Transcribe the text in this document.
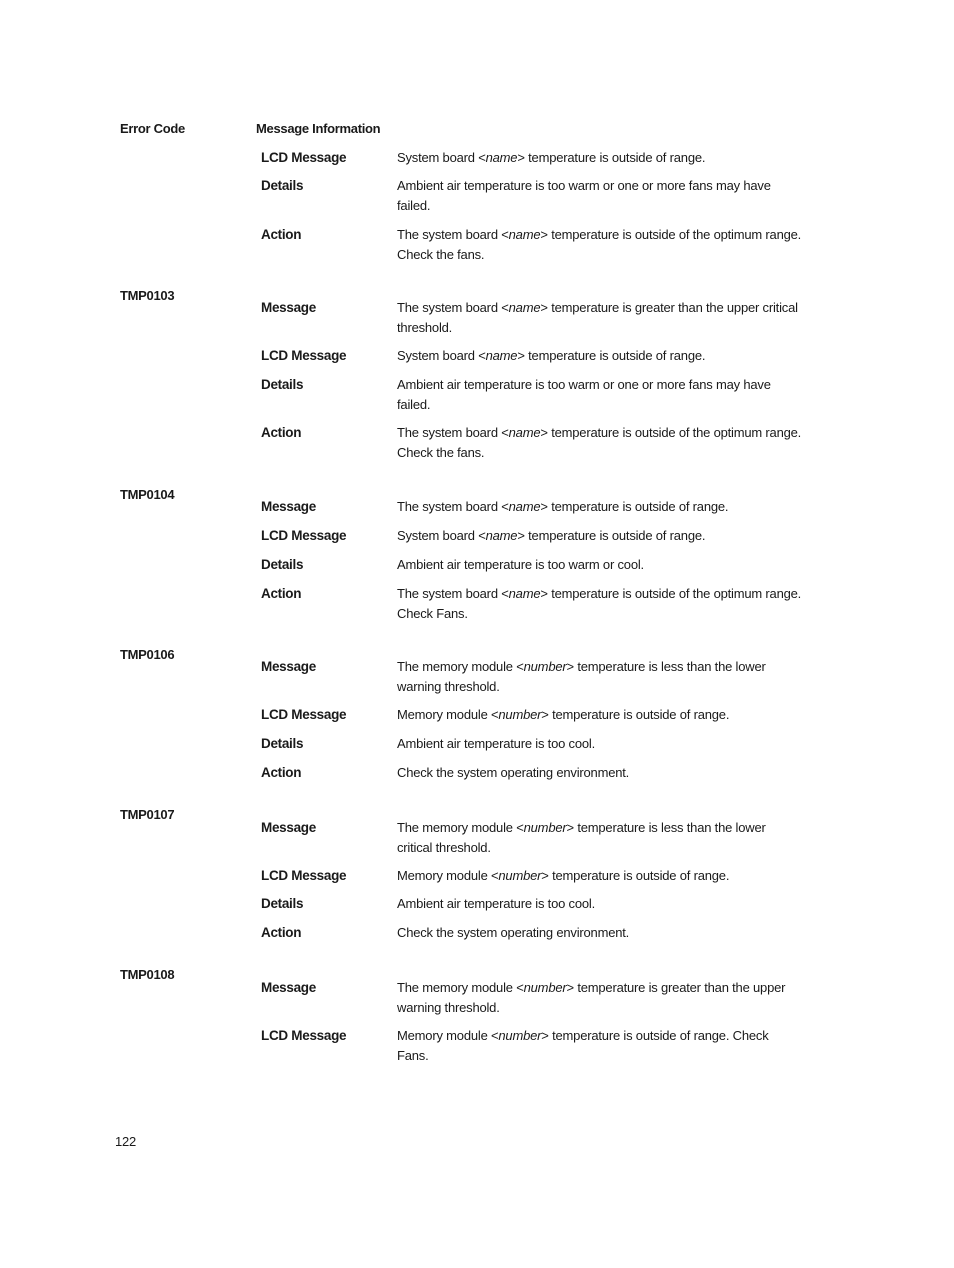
Error Code	Message Information
LCD Message	System board <name> temperature is outside of range.
Details	Ambient air temperature is too warm or one or more fans may have failed.
Action	The system board <name> temperature is outside of the optimum range. Check the fans.
TMP0103
Message	The system board <name> temperature is greater than the upper critical threshold.
LCD Message	System board <name> temperature is outside of range.
Details	Ambient air temperature is too warm or one or more fans may have failed.
Action	The system board <name> temperature is outside of the optimum range. Check the fans.
TMP0104
Message	The system board <name> temperature is outside of range.
LCD Message	System board <name> temperature is outside of range.
Details	Ambient air temperature is too warm or cool.
Action	The system board <name> temperature is outside of the optimum range. Check Fans.
TMP0106
Message	The memory module <number> temperature is less than the lower warning threshold.
LCD Message	Memory module <number> temperature is outside of range.
Details	Ambient air temperature is too cool.
Action	Check the system operating environment.
TMP0107
Message	The memory module <number> temperature is less than the lower critical threshold.
LCD Message	Memory module <number> temperature is outside of range.
Details	Ambient air temperature is too cool.
Action	Check the system operating environment.
TMP0108
Message	The memory module <number> temperature is greater than the upper warning threshold.
LCD Message	Memory module <number> temperature is outside of range. Check Fans.
122
